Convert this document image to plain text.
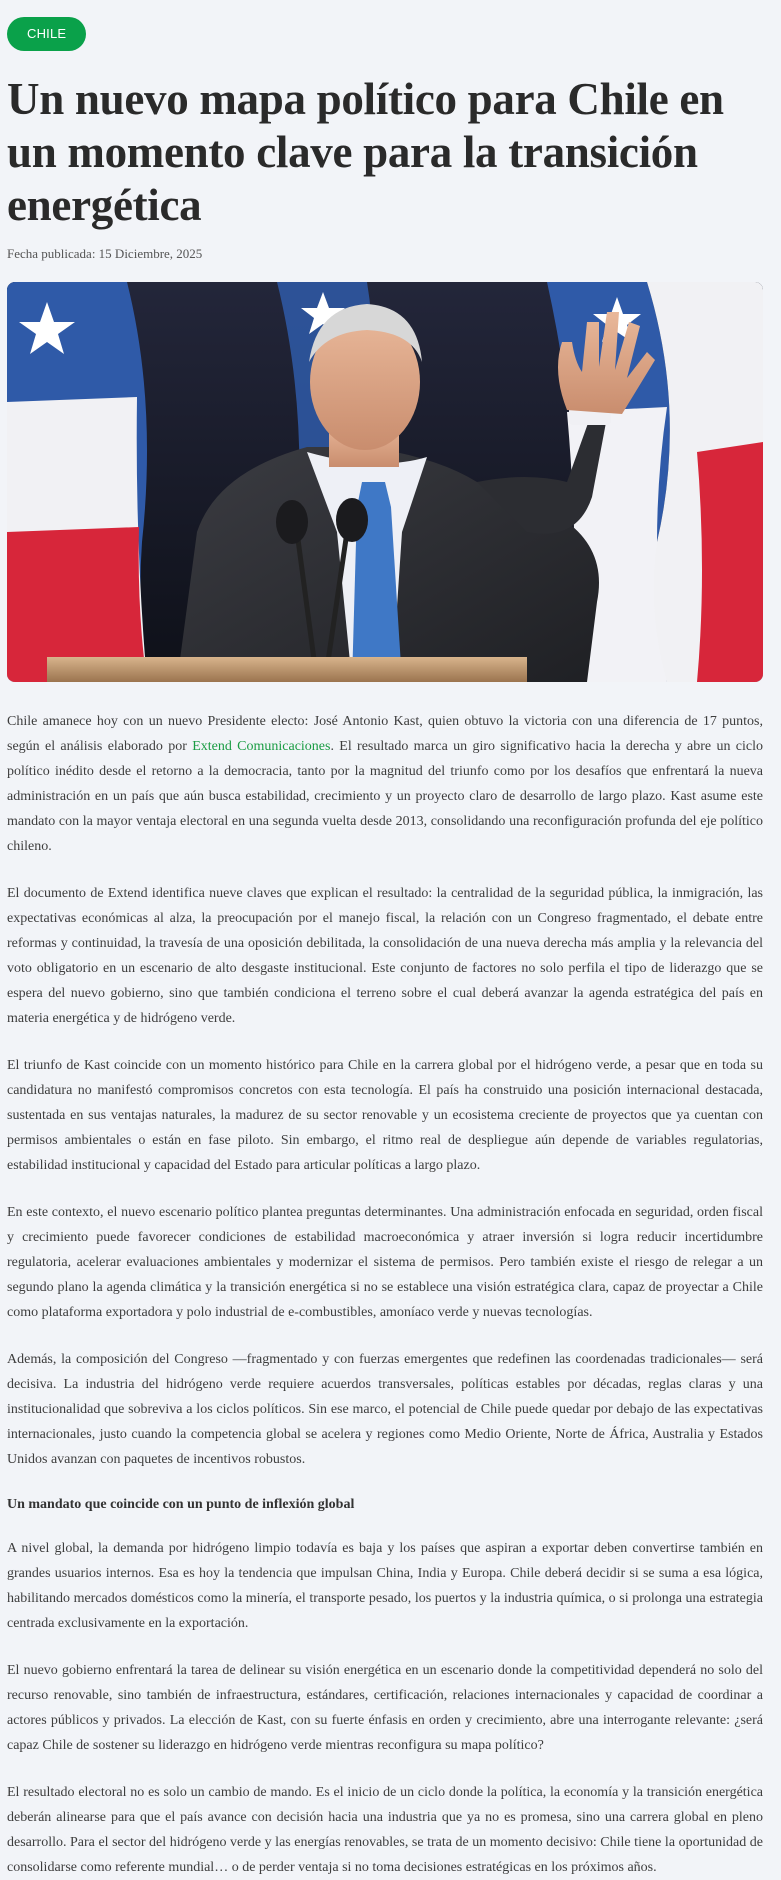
CHILE
Un nuevo mapa político para Chile en un momento clave para la transición energética
Fecha publicada: 15 Diciembre, 2025

Chile amanece hoy con un nuevo Presidente electo: José Antonio Kast, quien obtuvo la victoria con una diferencia de 17 puntos, según el análisis elaborado por Extend Comunicaciones. El resultado marca un giro significativo hacia la derecha y abre un ciclo político inédito desde el retorno a la democracia, tanto por la magnitud del triunfo como por los desafíos que enfrentará la nueva administración en un país que aún busca estabilidad, crecimiento y un proyecto claro de desarrollo de largo plazo. Kast asume este mandato con la mayor ventaja electoral en una segunda vuelta desde 2013, consolidando una reconfiguración profunda del eje político chileno.

El documento de Extend identifica nueve claves que explican el resultado: la centralidad de la seguridad pública, la inmigración, las expectativas económicas al alza, la preocupación por el manejo fiscal, la relación con un Congreso fragmentado, el debate entre reformas y continuidad, la travesía de una oposición debilitada, la consolidación de una nueva derecha más amplia y la relevancia del voto obligatorio en un escenario de alto desgaste institucional. Este conjunto de factores no solo perfila el tipo de liderazgo que se espera del nuevo gobierno, sino que también condiciona el terreno sobre el cual deberá avanzar la agenda estratégica del país en materia energética y de hidrógeno verde.

El triunfo de Kast coincide con un momento histórico para Chile en la carrera global por el hidrógeno verde, a pesar que en toda su candidatura no manifestó compromisos concretos con esta tecnología. El país ha construido una posición internacional destacada, sustentada en sus ventajas naturales, la madurez de su sector renovable y un ecosistema creciente de proyectos que ya cuentan con permisos ambientales o están en fase piloto. Sin embargo, el ritmo real de despliegue aún depende de variables regulatorias, estabilidad institucional y capacidad del Estado para articular políticas a largo plazo.

En este contexto, el nuevo escenario político plantea preguntas determinantes. Una administración enfocada en seguridad, orden fiscal y crecimiento puede favorecer condiciones de estabilidad macroeconómica y atraer inversión si logra reducir incertidumbre regulatoria, acelerar evaluaciones ambientales y modernizar el sistema de permisos. Pero también existe el riesgo de relegar a un segundo plano la agenda climática y la transición energética si no se establece una visión estratégica clara, capaz de proyectar a Chile como plataforma exportadora y polo industrial de e-combustibles, amoníaco verde y nuevas tecnologías.

Además, la composición del Congreso —fragmentado y con fuerzas emergentes que redefinen las coordenadas tradicionales— será decisiva. La industria del hidrógeno verde requiere acuerdos transversales, políticas estables por décadas, reglas claras y una institucionalidad que sobreviva a los ciclos políticos. Sin ese marco, el potencial de Chile puede quedar por debajo de las expectativas internacionales, justo cuando la competencia global se acelera y regiones como Medio Oriente, Norte de África, Australia y Estados Unidos avanzan con paquetes de incentivos robustos.

Un mandato que coincide con un punto de inflexión global

A nivel global, la demanda por hidrógeno limpio todavía es baja y los países que aspiran a exportar deben convertirse también en grandes usuarios internos. Esa es hoy la tendencia que impulsan China, India y Europa. Chile deberá decidir si se suma a esa lógica, habilitando mercados domésticos como la minería, el transporte pesado, los puertos y la industria química, o si prolonga una estrategia centrada exclusivamente en la exportación.

El nuevo gobierno enfrentará la tarea de delinear su visión energética en un escenario donde la competitividad dependerá no solo del recurso renovable, sino también de infraestructura, estándares, certificación, relaciones internacionales y capacidad de coordinar a actores públicos y privados. La elección de Kast, con su fuerte énfasis en orden y crecimiento, abre una interrogante relevante: ¿será capaz Chile de sostener su liderazgo en hidrógeno verde mientras reconfigura su mapa político?

El resultado electoral no es solo un cambio de mando. Es el inicio de un ciclo donde la política, la economía y la transición energética deberán alinearse para que el país avance con decisión hacia una industria que ya no es promesa, sino una carrera global en pleno desarrollo. Para el sector del hidrógeno verde y las energías renovables, se trata de un momento decisivo: Chile tiene la oportunidad de consolidarse como referente mundial… o de perder ventaja si no toma decisiones estratégicas en los próximos años.
